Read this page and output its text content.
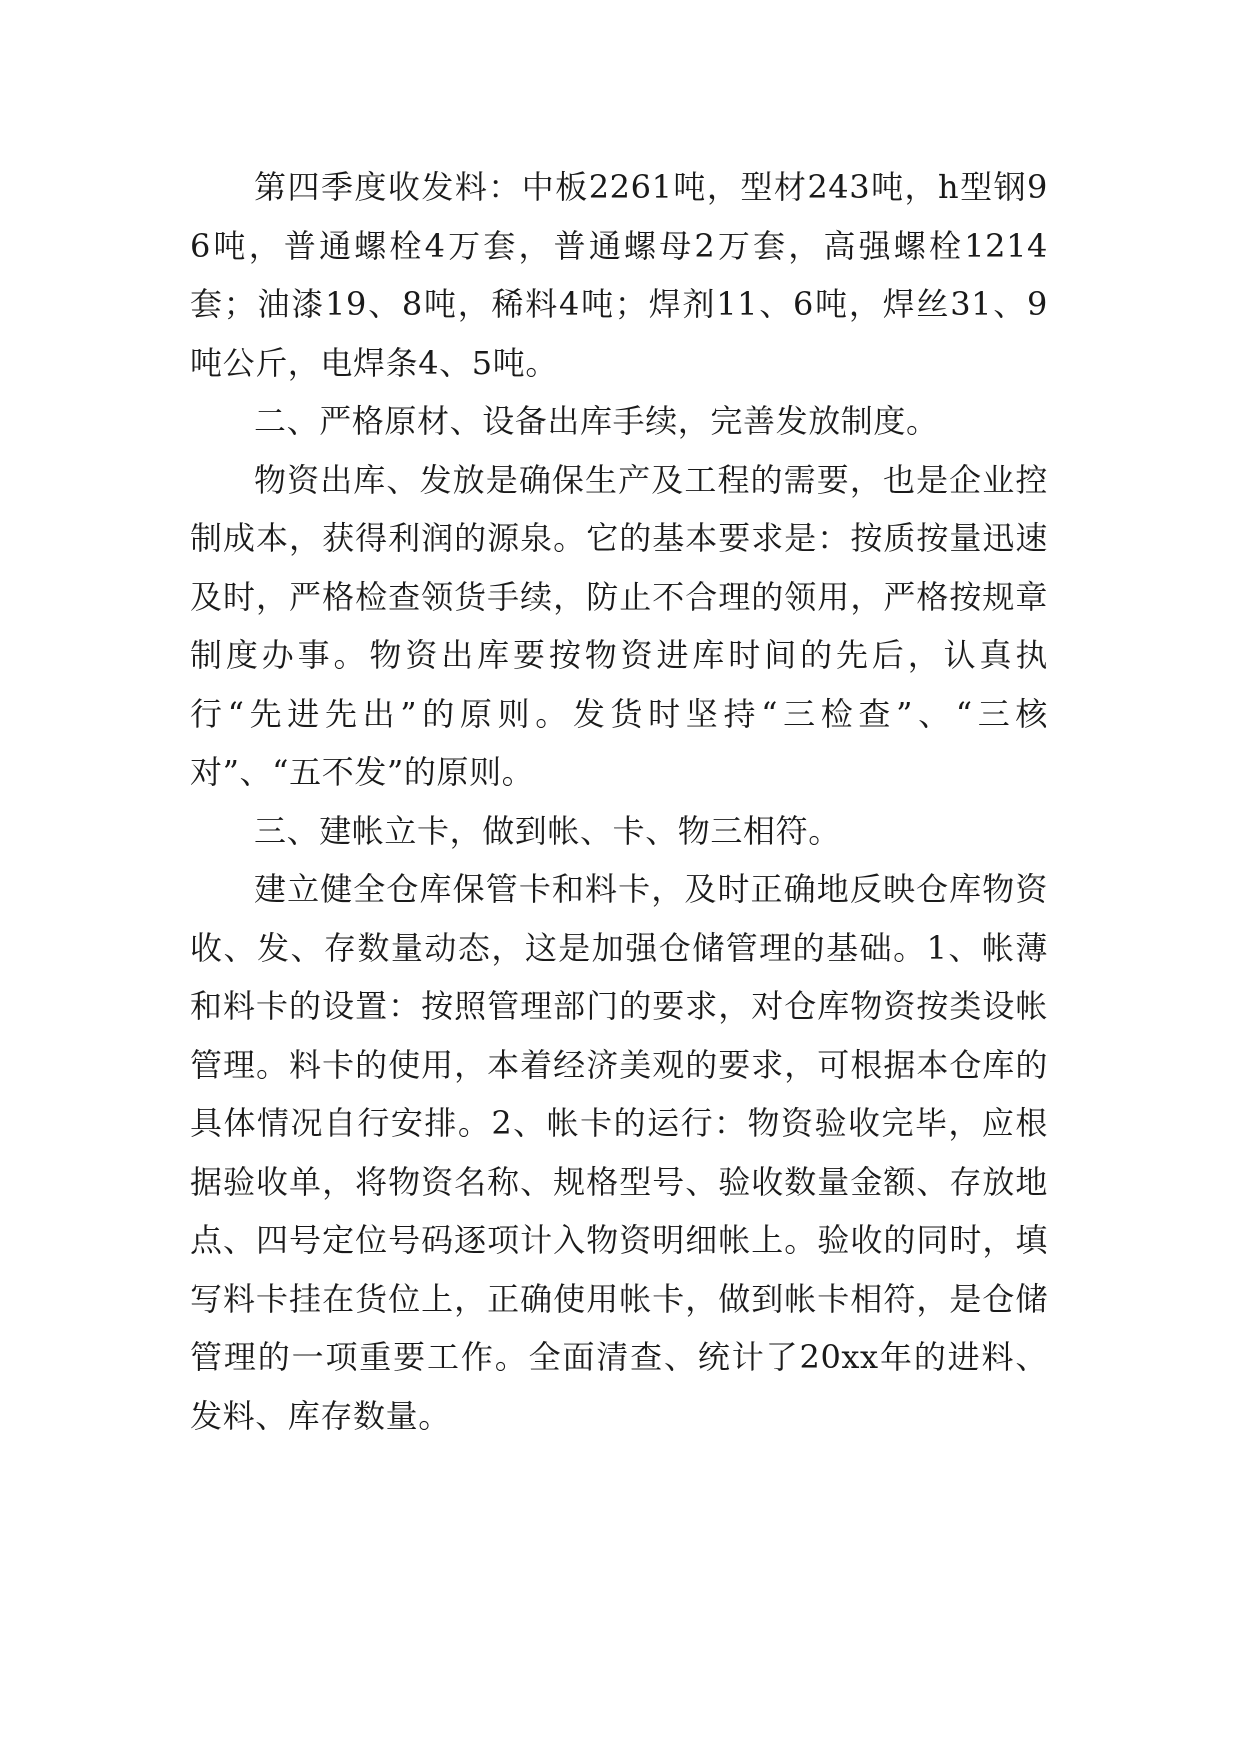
第四季度收发料：中板2261吨，型材243吨，h型钢96吨，普通螺栓4万套，普通螺母2万套，高强螺栓1214套；油漆19、8吨，稀料4吨；焊剂11、6吨，焊丝31、9吨公斤，电焊条4、5吨。

二、严格原材、设备出库手续，完善发放制度。

物资出库、发放是确保生产及工程的需要，也是企业控制成本，获得利润的源泉。它的基本要求是：按质按量迅速及时，严格检查领货手续，防止不合理的领用，严格按规章制度办事。物资出库要按物资进库时间的先后，认真执行“先进先出”的原则。发货时坚持“三检查”、“三核对”、“五不发”的原则。

三、建帐立卡，做到帐、卡、物三相符。

建立健全仓库保管卡和料卡，及时正确地反映仓库物资收、发、存数量动态，这是加强仓储管理的基础。1、帐薄和料卡的设置：按照管理部门的要求，对仓库物资按类设帐管理。料卡的使用，本着经济美观的要求，可根据本仓库的具体情况自行安排。2、帐卡的运行：物资验收完毕，应根据验收单，将物资名称、规格型号、验收数量金额、存放地点、四号定位号码逐项计入物资明细帐上。验收的同时，填写料卡挂在货位上，正确使用帐卡，做到帐卡相符，是仓储管理的一项重要工作。全面清查、统计了20xx年的进料、发料、库存数量。
